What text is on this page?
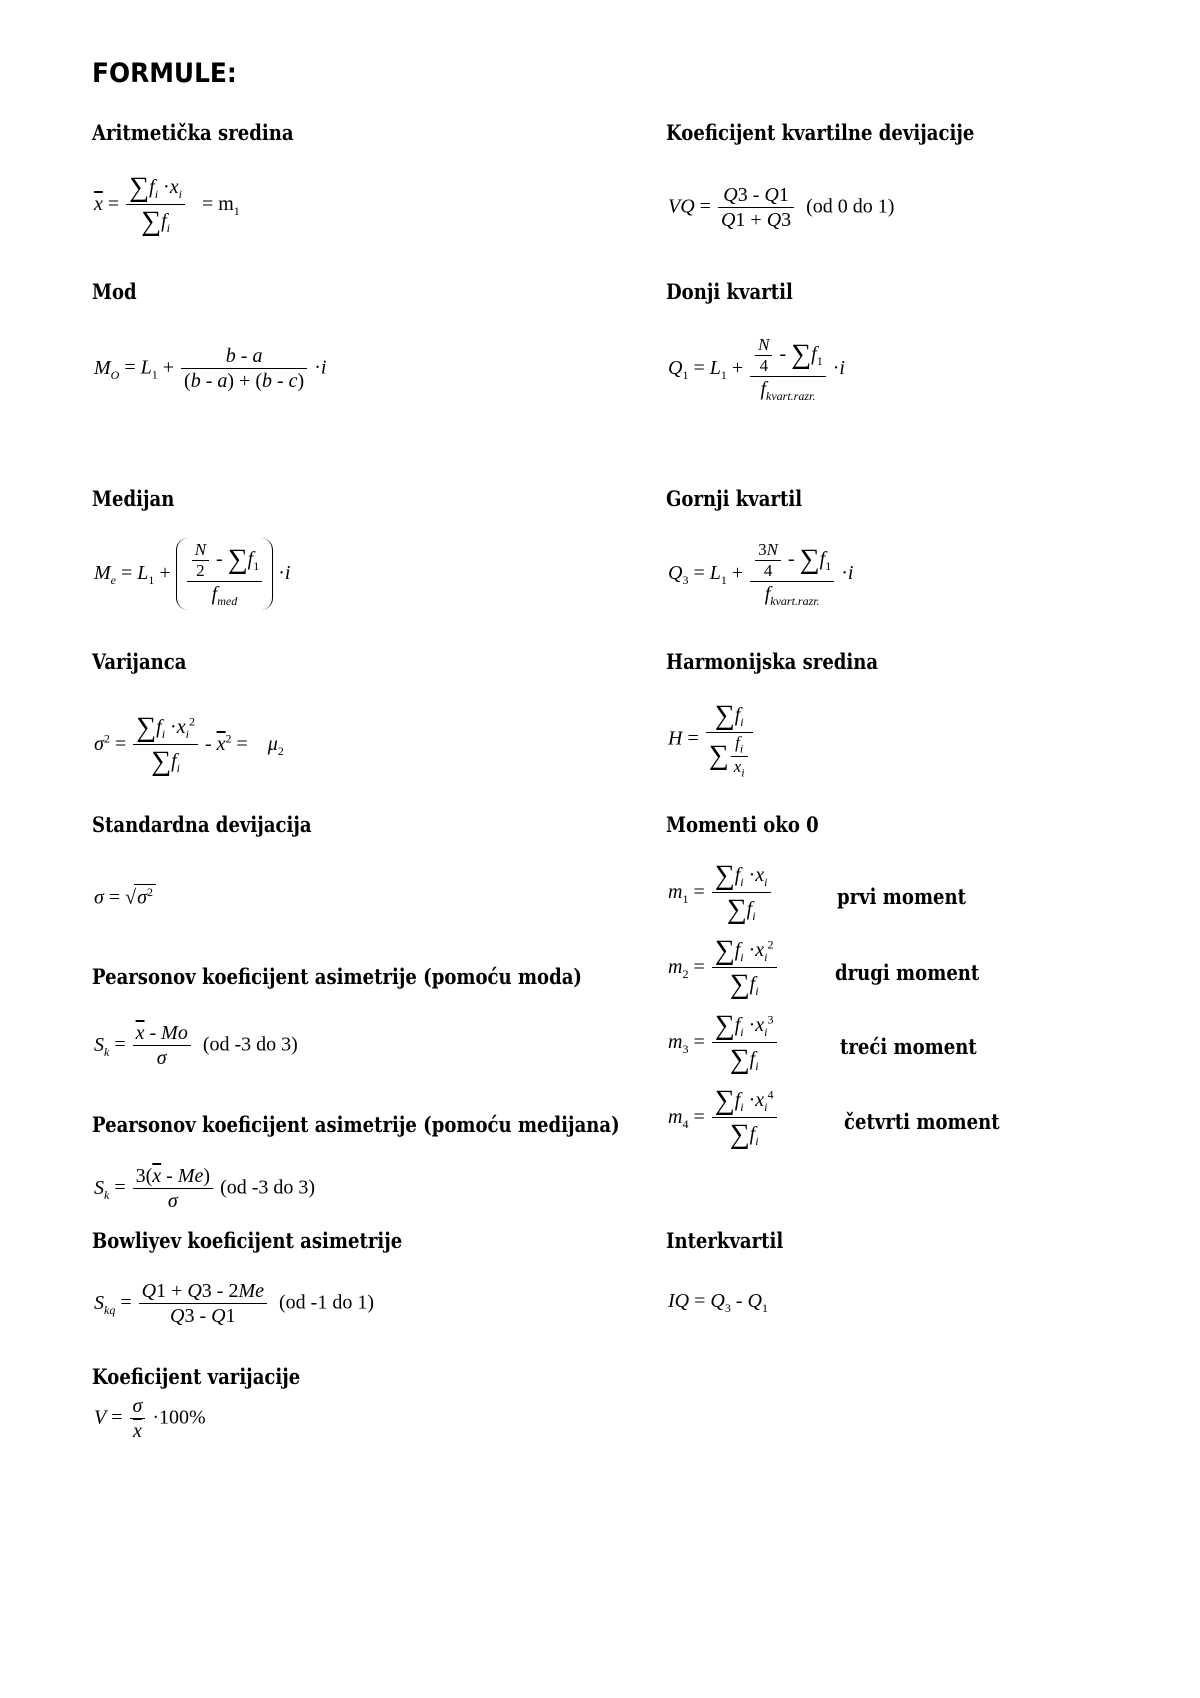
FORMULE:
Aritmetička sredina
$\overline{x} = \frac{\sum f_i \cdot x_i}{\sum f_i} = m_1$
Mod
$M_O = L_1 + \frac{b - a}{(b - a) + (b - c)} \cdot i$
Medijan
$M_e = L_1 + \frac{\frac{N}{2} - \sum f_1}{f_{med}} \cdot i$
Varijanca
$\sigma^2 = \frac{\sum f_i \cdot x_i^2}{\sum f_i} - \overline{x}^2$ =    $\mu_2$
Standardna devijacija
$\sigma = √\sigma^2$
Pearsonov koeficijent asimetrije (pomoću moda)
$S_k = \frac{\overline{x} - Mo}{\sigma} (od$ -3 do 3)
Pearsonov koeficijent asimetrije (pomoću medijana)
$S_k = \frac{3(\overline{x} - Me)}{\sigma} (od$ -3 do 3)
Bowliyev koeficijent asimetrije
$S_{kq} = \frac{Q1 + Q3 - 2Me}{Q3 - Q1} (od$ -1 do 1)
Koeficijent varijacije
$V = \frac{\sigma}{x} \cdot 100\%$
Koeficijent kvartilne devijacije
VQ = $\frac{Q3 - Q1}{Q1 + Q3} (od$ 0 do 1)
Donji kvartil
$Q_1 = L_1 + \frac{\frac{N}{4} - \sum f_1}{f_{kvart.razr.}} \cdot i$
Gornji kvartil
$Q_3 = L_1 + \frac{\frac{3N}{4} - \sum f_1}{f_{kvart.razr.}} \cdot i$
Harmonijska sredina
$H = \frac{\sum f_i}{\sum \frac{f_i}{x_i}}$
Momenti oko 0
$m_1 = \frac{\sum f_i \cdot x_i}{\sum f_i}$	prvi moment
$m_2 = \frac{\sum f_i \cdot x_i^2}{\sum f_i}$	drugi moment
$m_3 = \frac{\sum f_i \cdot x_i^3}{\sum f_i}$	treći moment
$m_4 = \frac{\sum f_i \cdot x_i^4}{\sum f_i}$	četvrti moment
Interkvartil
IQ = $Q_3 - Q_1$
